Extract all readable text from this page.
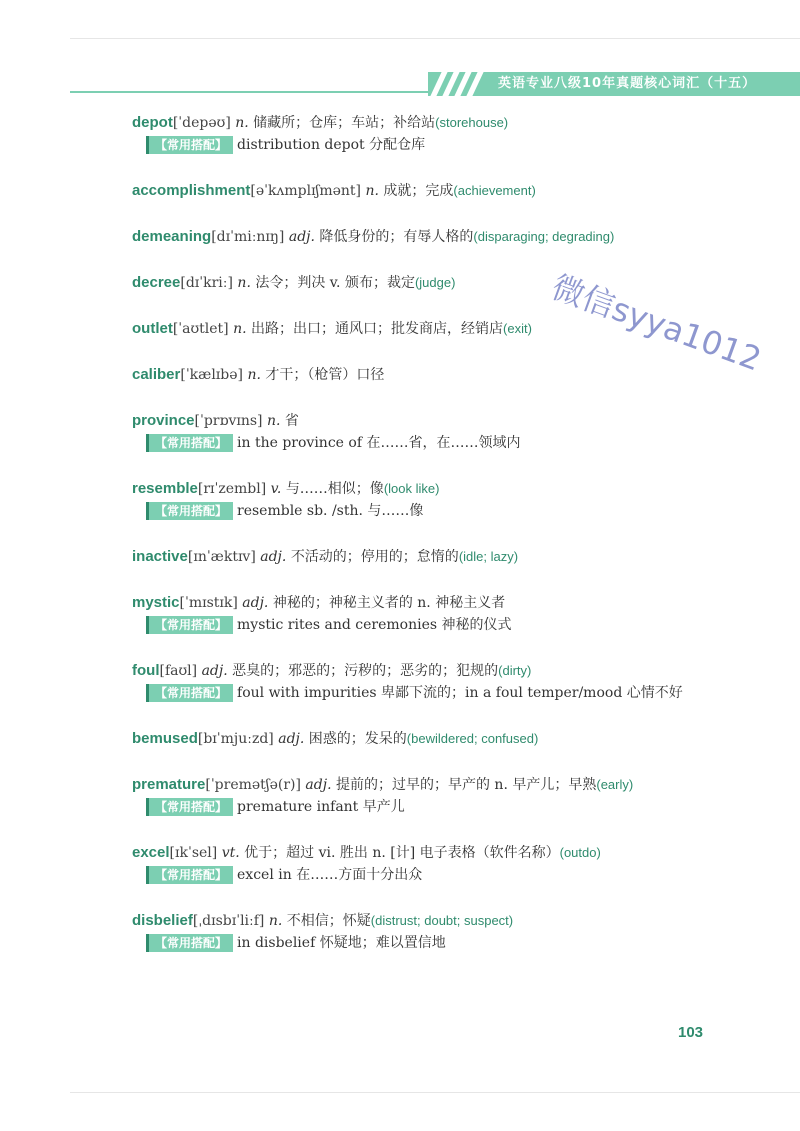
英语专业八级10年真题核心词汇（十五）
depot[ˈdepəʊ] n. 储藏所；仓库；车站；补给站(storehouse)
【常用搭配】 distribution depot 分配仓库
accomplishment[əˈkʌmplɪʃmənt] n. 成就；完成(achievement)
demeaning[dɪˈmiːnɪŋ] adj. 降低身份的；有辱人格的(disparaging; degrading)
decree[dɪˈkriː] n. 法令；判决 v. 颁布；裁定(judge)
outlet[ˈaʊtlet] n. 出路；出口；通风口；批发商店，经销店(exit)
caliber[ˈkælɪbə] n. 才干；（枪管）口径
province[ˈprɒvɪns] n. 省
【常用搭配】 in the province of 在……省，在……领域内
resemble[rɪˈzembl] v. 与……相似；像(look like)
【常用搭配】 resemble sb. /sth. 与……像
inactive[ɪnˈæktɪv] adj. 不活动的；停用的；怠惰的(idle; lazy)
mystic[ˈmɪstɪk] adj. 神秘的；神秘主义者的 n. 神秘主义者
【常用搭配】 mystic rites and ceremonies 神秘的仪式
foul[faʊl] adj. 恶臭的；邪恶的；污秽的；恶劣的；犯规的(dirty)
【常用搭配】 foul with impurities 卑鄙下流的；in a foul temper/mood 心情不好
bemused[bɪˈmjuːzd] adj. 困惑的；发呆的(bewildered; confused)
premature[ˈpremətʃə(r)] adj. 提前的；过早的；早产的 n. 早产儿；早熟(early)
【常用搭配】 premature infant 早产儿
excel[ɪkˈsel] vt. 优于；超过 vi. 胜出 n. [计] 电子表格（软件名称）(outdo)
【常用搭配】 excel in 在……方面十分出众
disbelief[ˌdɪsbɪˈliːf] n. 不相信；怀疑(distrust; doubt; suspect)
【常用搭配】 in disbelief 怀疑地；难以置信地
微信syya1012
103
